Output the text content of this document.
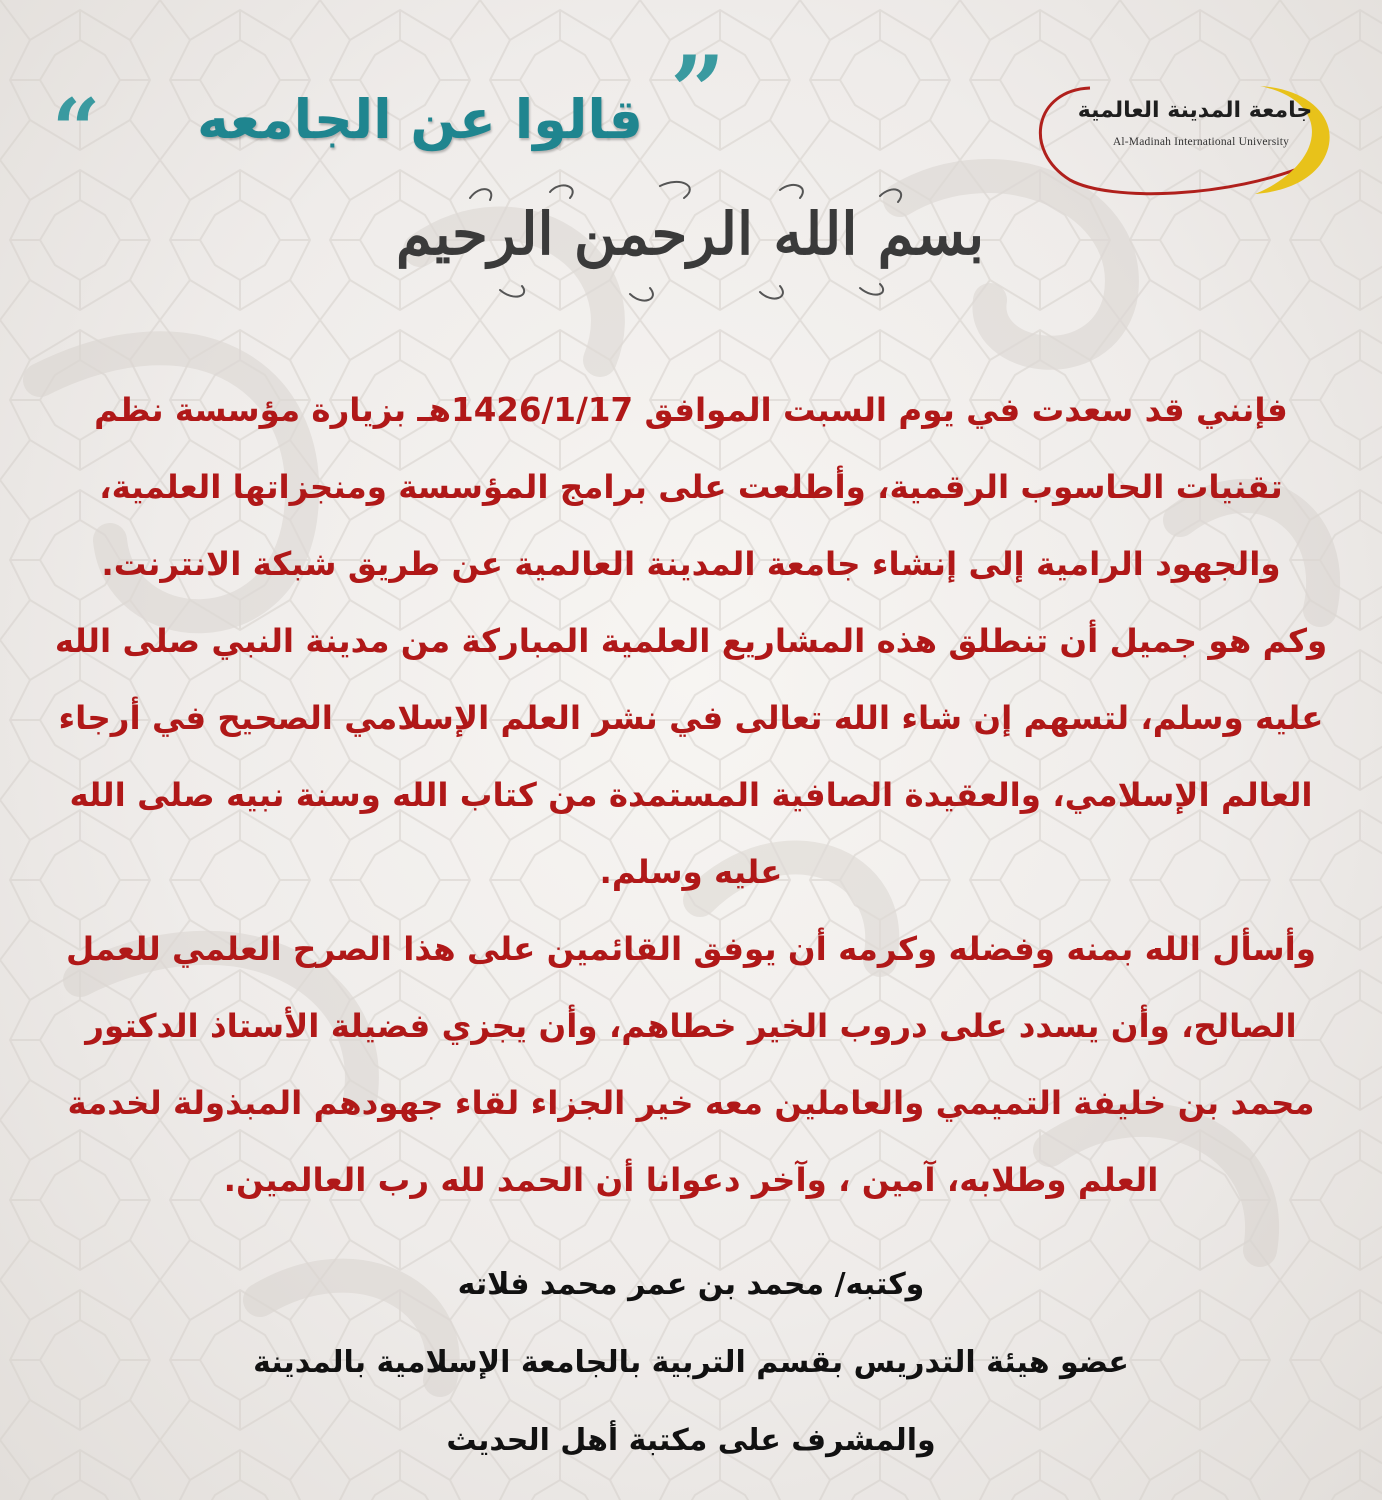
جامعة المدينة العالمية
Al-Madinah International University
”
قالوا عن الجامعه
“
بسم الله الرحمن الرحيم

فإنني قد سعدت في يوم السبت الموافق 1426/1/17هـ بزيارة مؤسسة نظم تقنيات الحاسوب الرقمية، وأطلعت على برامج المؤسسة ومنجزاتها العلمية، والجهود الرامية إلى إنشاء جامعة المدينة العالمية عن طريق شبكة الانترنت.

وكم هو جميل أن تنطلق هذه المشاريع العلمية المباركة من مدينة النبي صلى الله عليه وسلم، لتسهم إن شاء الله تعالى في نشر العلم الإسلامي الصحيح في أرجاء العالم الإسلامي، والعقيدة الصافية المستمدة من كتاب الله وسنة نبيه صلى الله عليه وسلم.

وأسأل الله بمنه وفضله وكرمه أن يوفق القائمين على هذا الصرح العلمي للعمل الصالح، وأن يسدد على دروب الخير خطاهم، وأن يجزي فضيلة الأستاذ الدكتور محمد بن خليفة التميمي والعاملين معه خير الجزاء لقاء جهودهم المبذولة لخدمة العلم وطلابه، آمين ، وآخر دعوانا أن الحمد لله رب العالمين.

وكتبه/ محمد بن عمر محمد فلاته

عضو هيئة التدريس بقسم التربية بالجامعة الإسلامية بالمدينة

والمشرف على مكتبة أهل الحديث
